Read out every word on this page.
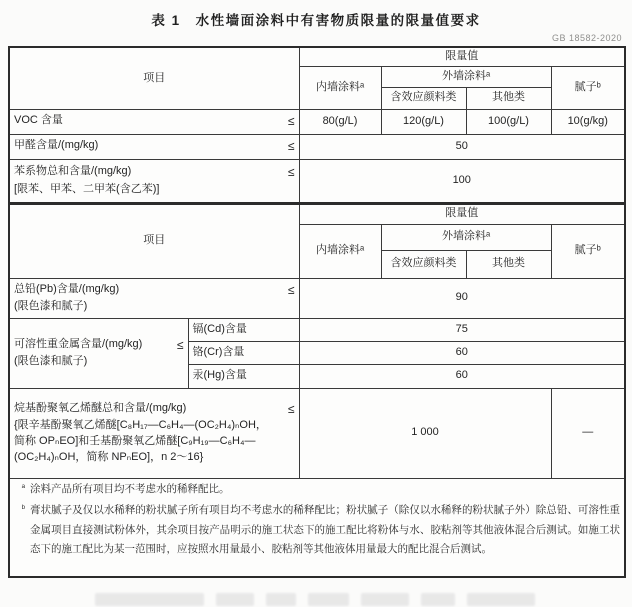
表 1　水性墙面涂料中有害物质限量的限量值要求
GB 18582-2020
项目		限量值			
		内墙涂料ᵃ	外墙涂料ᵃ		腻子ᵇ
			含效应颜料类	其他类	

VOC 含量 ≤		80(g/L)	120(g/L)	100(g/L)	10(g/kg)

甲醛含量/(mg/kg) ≤		50			

苯系物总和含量/(mg/kg) ≤
[限苯、甲苯、二甲苯(含乙苯)]		100			
项目		限量值			
		内墙涂料ᵃ	外墙涂料ᵃ		腻子ᵇ
			含效应颜料类	其他类	

总铅(Pb)含量/(mg/kg) ≤
(限色漆和腻子)		90			

可溶性重金属含量/(mg/kg) ≤
(限色漆和腻子)	镉(Cd)含量	75			
	铬(Cr)含量	60			
	汞(Hg)含量	60			

烷基酚聚氧乙烯醚总和含量/(mg/kg) ≤
{限辛基酚聚氧乙烯醚[C₈H₁₇—C₆H₄—(OC₂H₄)ₙOH，
简称 OPₙEO]和壬基酚聚氧乙烯醚[C₉H₁₉—C₆H₄—
(OC₂H₄)ₙOH，简称 NPₙEO]，n 2～16}		1 000			—

ᵃ 涂料产品所有项目均不考虑水的稀释配比。
ᵇ 膏状腻子及仅以水稀释的粉状腻子所有项目均不考虑水的稀释配比；粉状腻子（除仅以水稀释的粉状腻子外）除总铅、可溶性重金属项目直接测试粉体外，其余项目按产品明示的施工状态下的施工配比将粉体与水、胶粘剂等其他液体混合后测试。如施工状态下的施工配比为某一范围时，应按照水用量最小、胶粘剂等其他液体用量最大的配比混合后测试。					
